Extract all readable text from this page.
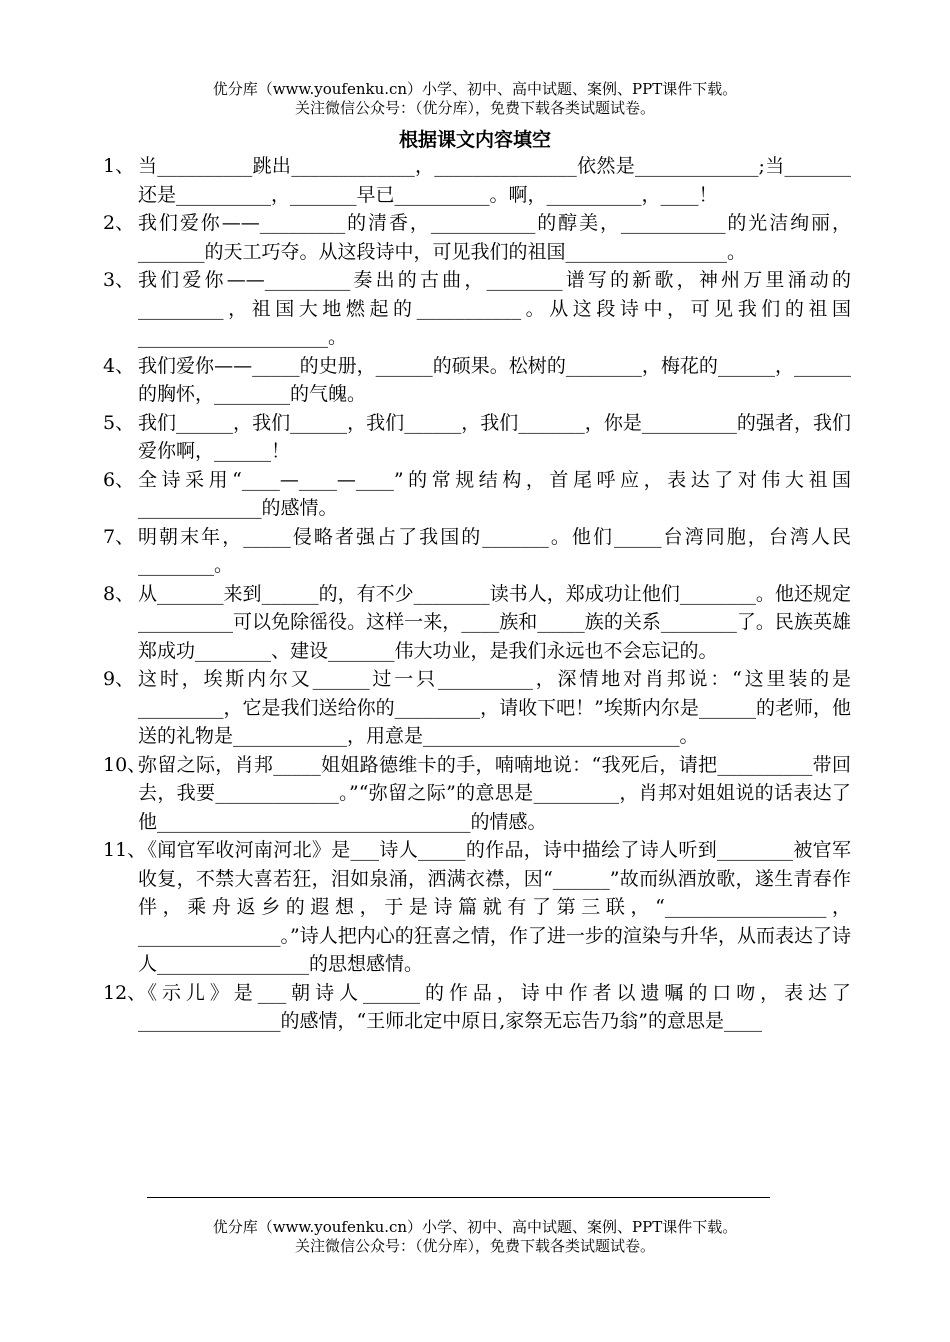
优分库（www.youfenku.cn）小学、初中、高中试题、案例、PPT课件下载。
关注微信公众号：（优分库），免费下载各类试题试卷。
根据课文内容填空
1、 当__________跳出_____________，_______________依然是_____________;当_______还是__________，_______早已__________。啊，__________，____！
2、 我们爱你——_________的清香，___________的醇美，___________的光洁绚丽，_______的天工巧夺。从这段诗中，可见我们的祖国_________________。
3、 我们爱你——_________奏出的古曲，________谱写的新歌，神州万里涌动的_________，祖国大地燃起的___________。从这段诗中，可见我们的祖国____________________。
4、 我们爱你——_____的史册，______的硕果。松树的________，梅花的______，______的胸怀，________的气魄。
5、 我们______，我们______，我们______，我们_______，你是__________的强者，我们爱你啊，______！
6、 全诗采用“____—____—____”的常规结构，首尾呼应，表达了对伟大祖国_____________的感情。
7、 明朝末年，_____侵略者强占了我国的_______。他们_____台湾同胞，台湾人民________。
8、 从_______来到______的，有不少________读书人，郑成功让他们________。他还规定__________可以免除徭役。这样一来，____族和_____族的关系________了。民族英雄郑成功________、建设_______伟大功业，是我们永远也不会忘记的。
9、 这时，埃斯内尔又______过一只__________，深情地对肖邦说：“这里装的是_________，它是我们送给你的_________，请收下吧！”埃斯内尔是______的老师，他送的礼物是____________，用意是___________________________。
10、
弥留之际，肖邦_____姐姐路德维卡的手，喃喃地说：“我死后，请把__________带回去，我要_____________。”“弥留之际”的意思是_________，肖邦对姐姐说的话表达了他_________________________________的情感。
11、
《闻官军收河南河北》是___诗人_____的作品，诗中描绘了诗人听到________被官军收复，不禁大喜若狂，泪如泉涌，洒满衣襟，因“______”故而纵酒放歌，遂生青春作伴，乘舟返乡的遐想，于是诗篇就有了第三联，“_________________，_______________。”诗人把内心的狂喜之情，作了进一步的渲染与升华，从而表达了诗人________________的思想感情。
12、
《示儿》是___朝诗人______的作品，诗中作者以遗嘱的口吻，表达了_______________的感情，“王师北定中原日,家祭无忘告乃翁”的意思是____
优分库（www.youfenku.cn）小学、初中、高中试题、案例、PPT课件下载。
关注微信公众号：（优分库），免费下载各类试题试卷。
